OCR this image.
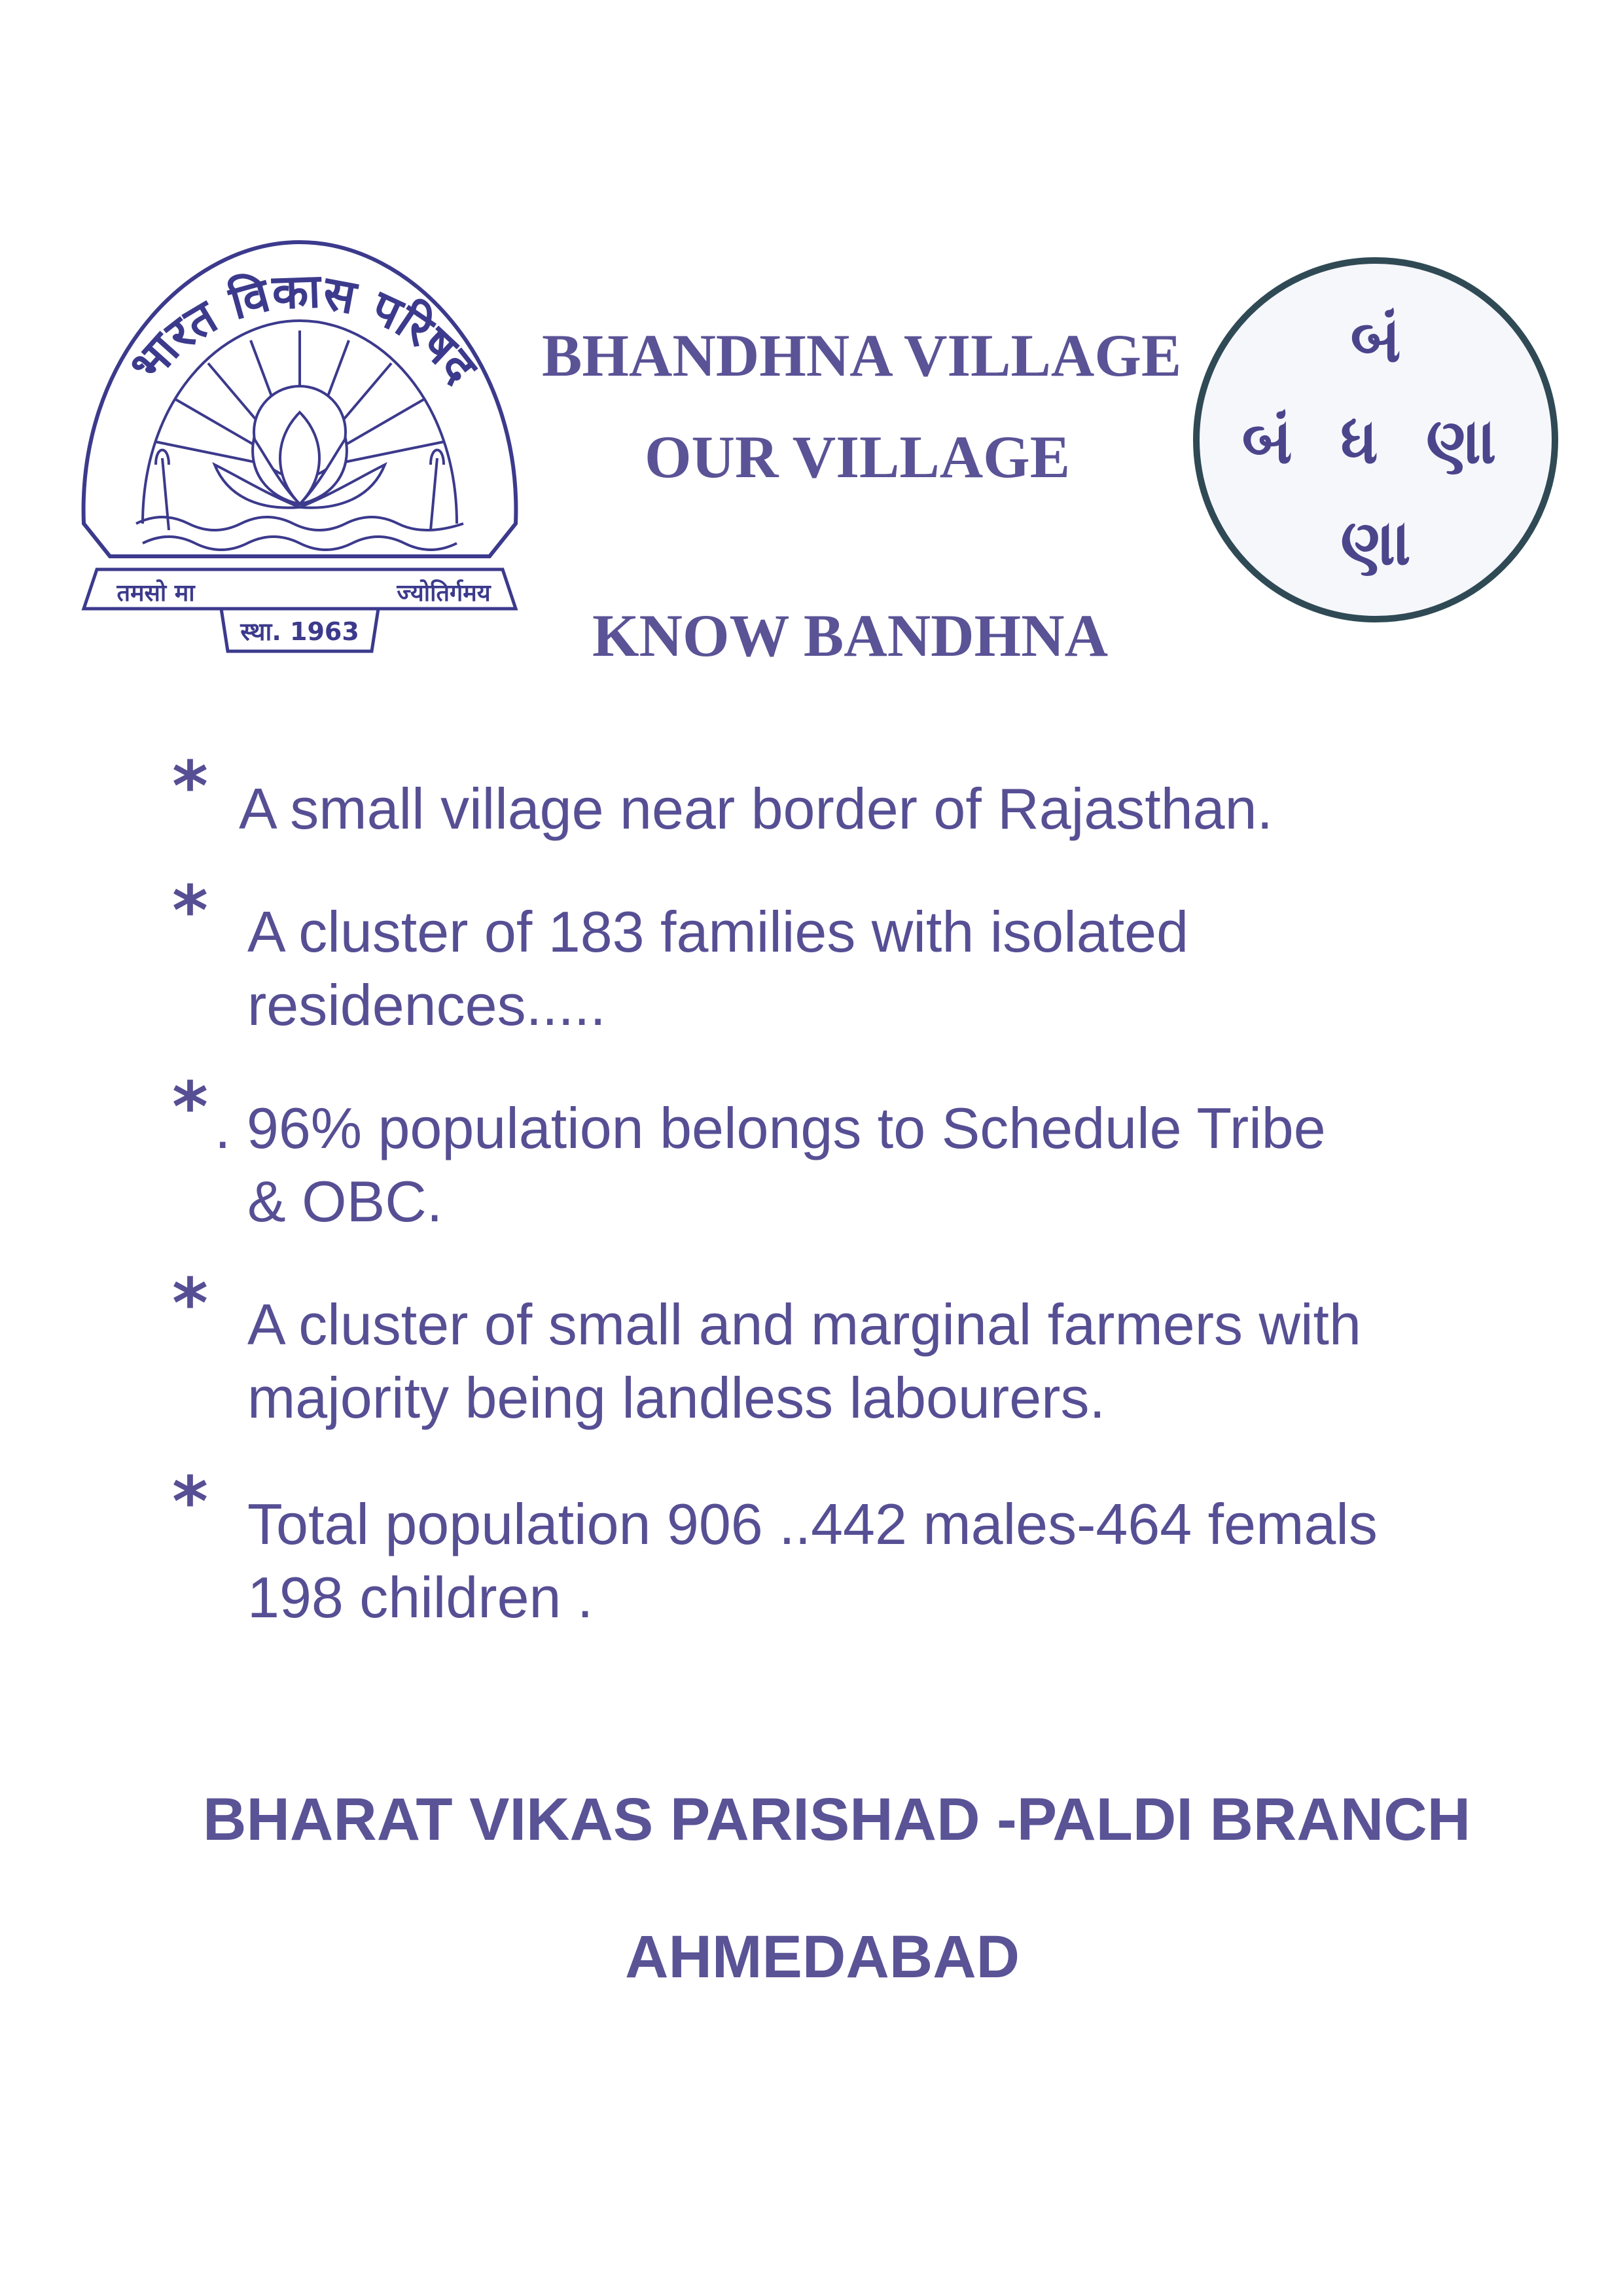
भारत विकास परिषद
तमसो मा	ज्योतिर्गमय
स्था. 1963

BHANDHNA VILLAGE

OUR VILLAGE

KNOW BANDHNA

બં
બં ધ ણા
ણા
* A small village near border of Rajasthan.

* A cluster of 183 families with isolated
residences.....

* . 96% population belongs to Schedule Tribe
& OBC.

* A cluster of small and marginal farmers with
majority being landless labourers.

* Total population 906 ..442 males-464 femals
198 children .

BHARAT VIKAS PARISHAD -PALDI BRANCH

AHMEDABAD
